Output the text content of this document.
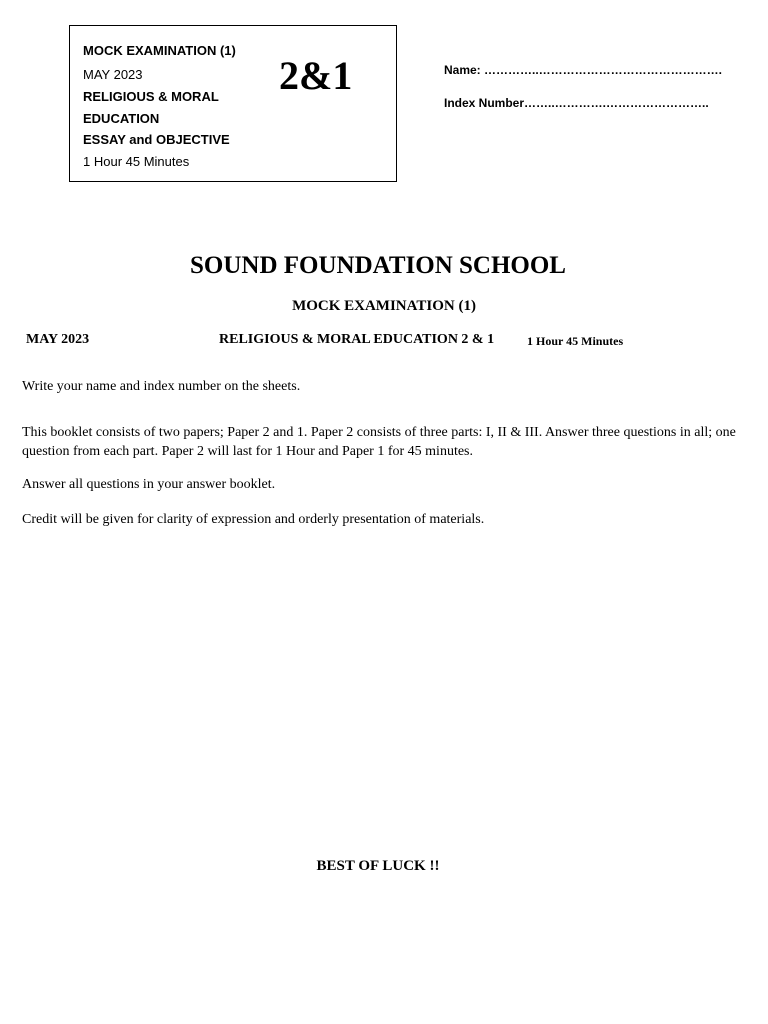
MOCK EXAMINATION (1)
MAY 2023
RELIGIOUS & MORAL
EDUCATION
ESSAY and OBJECTIVE
1 Hour 45 Minutes
2&1	Name: …………..……………………………………….
Index Number……..………….……………………..
SOUND FOUNDATION SCHOOL
MOCK EXAMINATION (1)
MAY 2023	RELIGIOUS & MORAL EDUCATION 2 & 1	1 Hour 45 Minutes
Write your name and index number on the sheets.
This booklet consists of two papers; Paper 2 and 1. Paper 2 consists of three parts: I, II & III. Answer three questions in all; one question from each part. Paper 2 will last for 1 Hour and Paper 1 for 45 minutes.
Answer all questions in your answer booklet.
Credit will be given for clarity of expression and orderly presentation of materials.
BEST OF LUCK !!
